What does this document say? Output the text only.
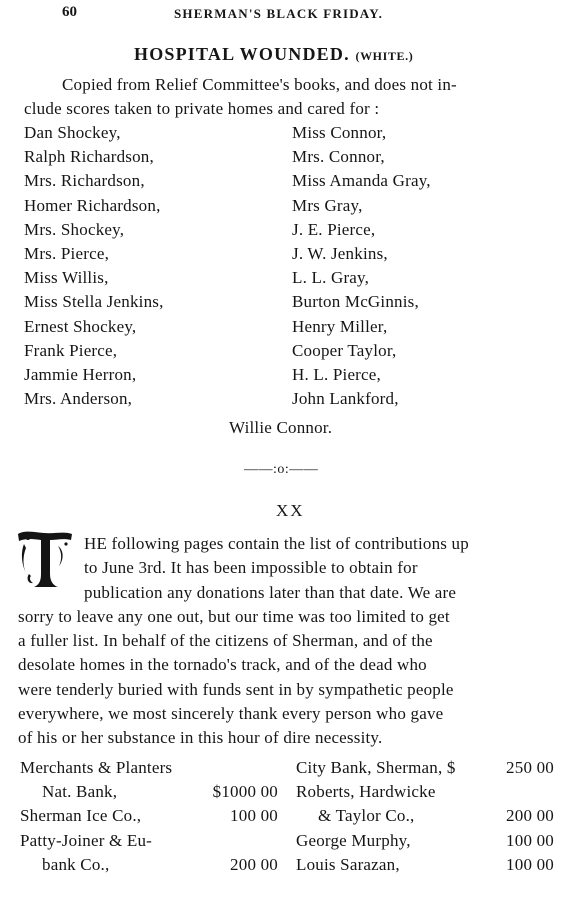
60	SHERMAN'S BLACK FRIDAY.
HOSPITAL WOUNDED. (WHITE.)
Copied from Relief Committee's books, and does not in-
clude scores taken to private homes and cared for :
Dan Shockey,
Ralph Richardson,
Mrs. Richardson,
Homer Richardson,
Mrs. Shockey,
Mrs. Pierce,
Miss Willis,
Miss Stella Jenkins,
Ernest Shockey,
Frank Pierce,
Jammie Herron,
Mrs. Anderson,
Miss Connor,
Mrs. Connor,
Miss Amanda Gray,
Mrs Gray,
J. E. Pierce,
J. W. Jenkins,
L. L. Gray,
Burton McGinnis,
Henry Miller,
Cooper Taylor,
H. L. Pierce,
John Lankford,
Willie Connor.
——:o:——
XX
HE following pages contain the list of contributions up
to June 3rd. It has been impossible to obtain for
publication any donations later than that date. We are
sorry to leave any one out, but our time was too limited to get
a fuller list. In behalf of the citizens of Sherman, and of the
desolate homes in the tornado's track, and of the dead who
were tenderly buried with funds sent in by sympathetic people
everywhere, we most sincerely thank every person who gave
of his or her substance in this hour of dire necessity.
Merchants & Planters
Nat. Bank,	$1000 00
Sherman Ice Co.,	100 00
Patty-Joiner & Eu-
bank Co.,	200 00
City Bank, Sherman, $	250 00
Roberts, Hardwicke
& Taylor Co.,	200 00
George Murphy,	100 00
Louis Sarazan,	100 00
